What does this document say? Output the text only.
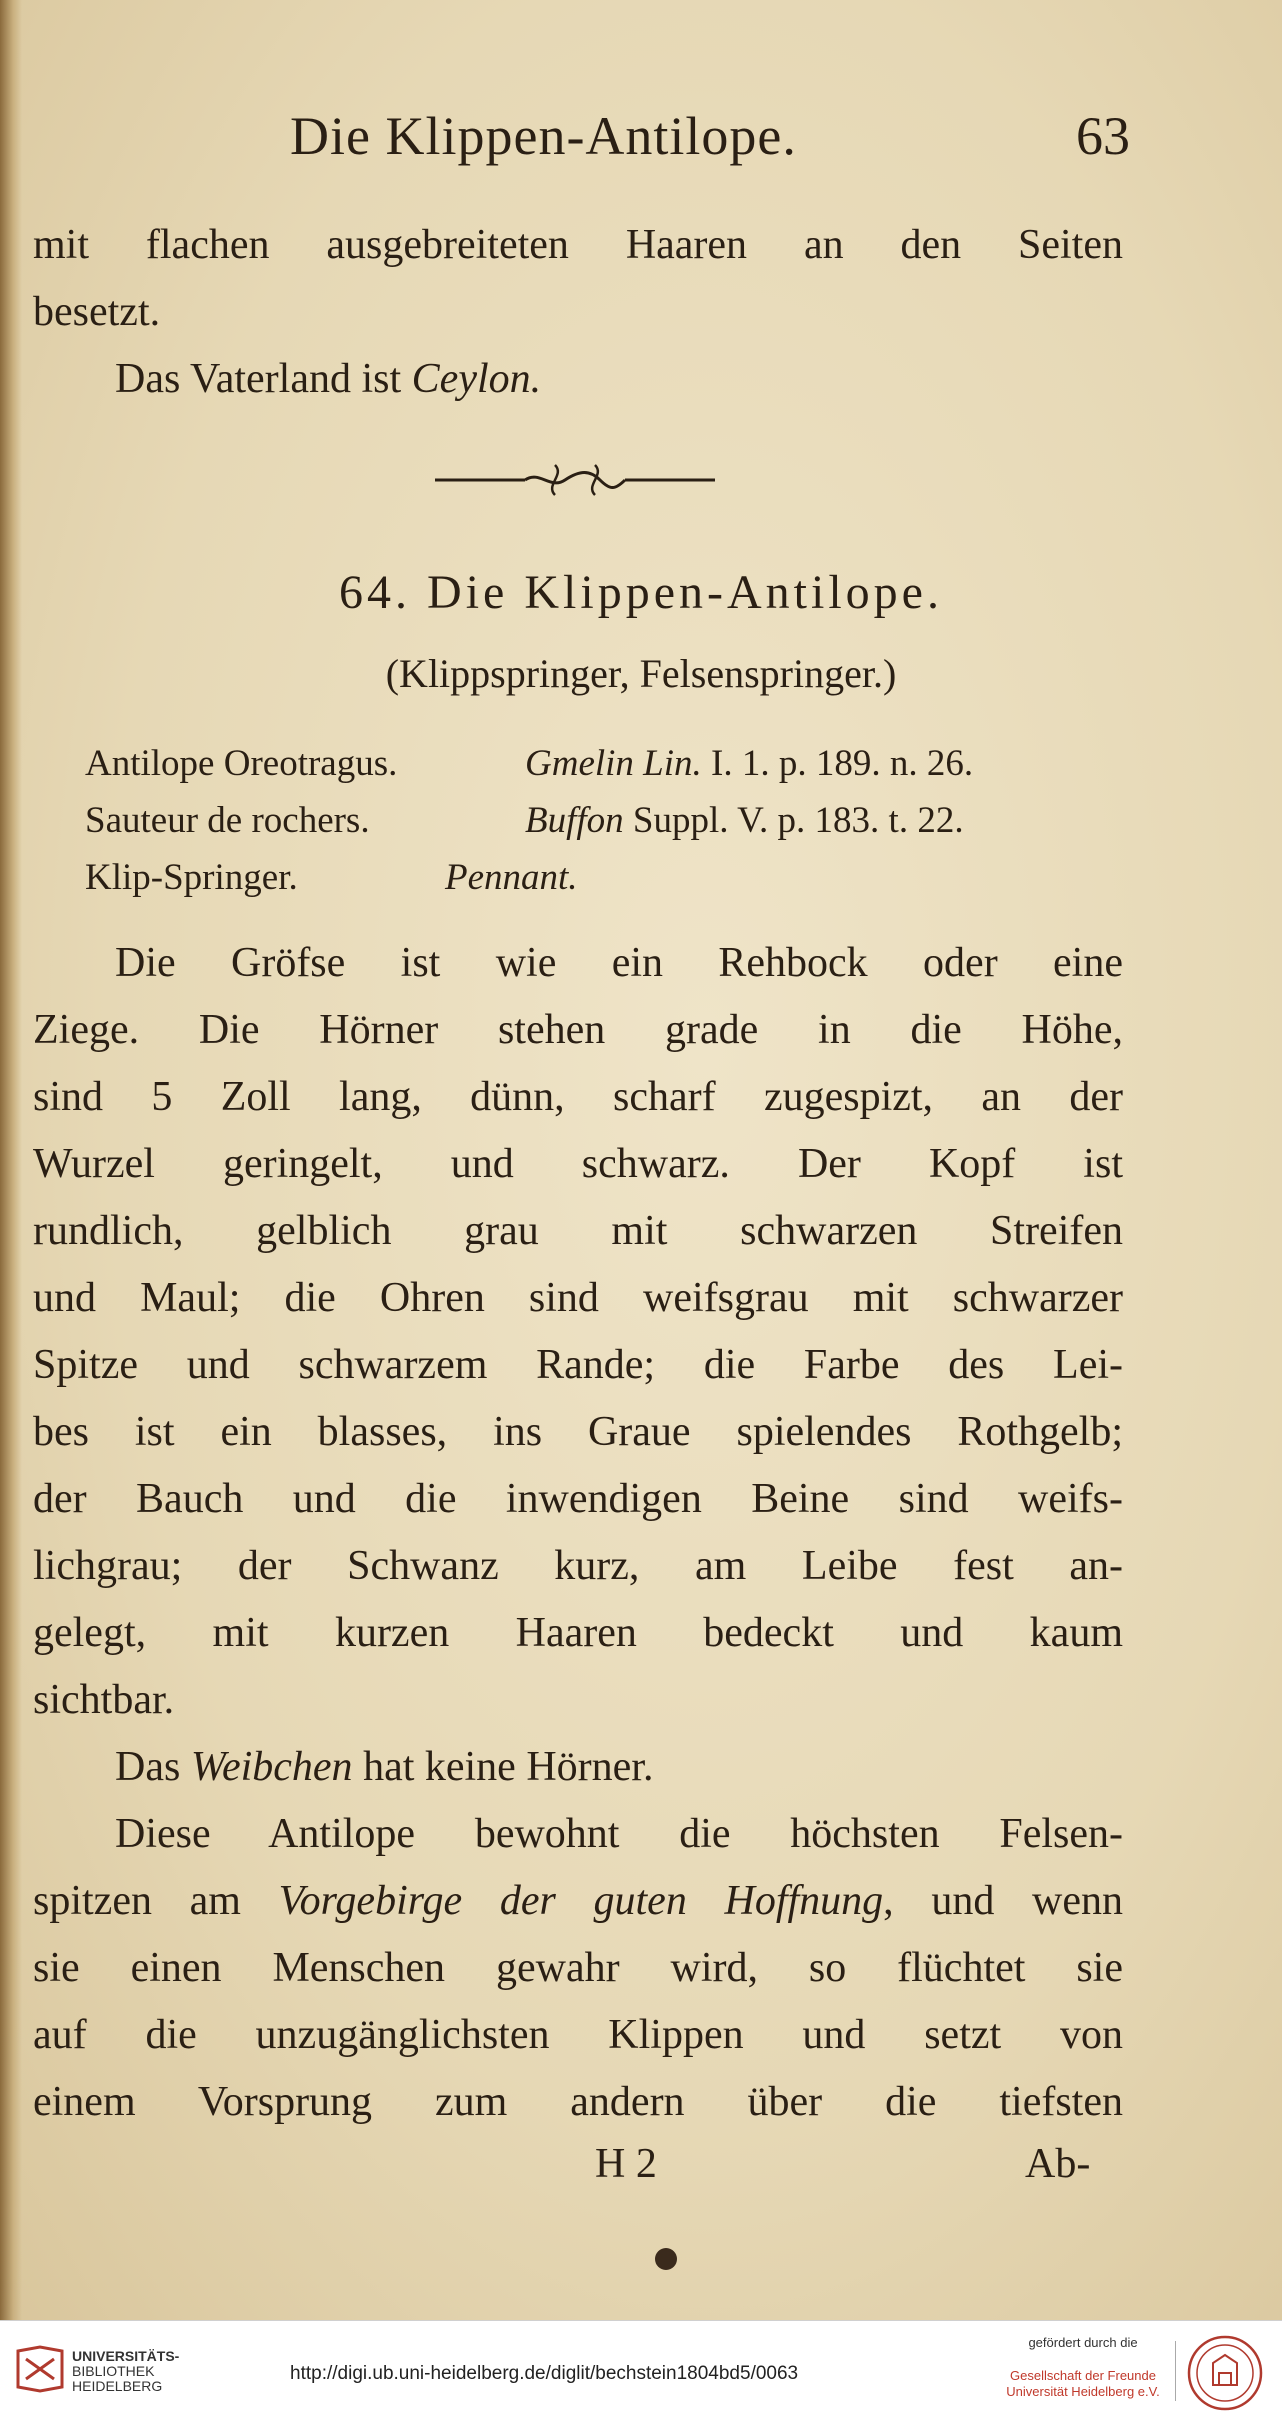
Die Klippen-Antilope.	63
mit flachen ausgebreiteten Haaren an den Seiten
besetzt.
Das Vaterland ist Ceylon.
64. Die Klippen-Antilope.
(Klippspringer, Felsenspringer.)
Antilope Oreotragus.	Gmelin Lin. I. 1. p. 189. n. 26.
Sauteur de rochers.	Buffon Suppl. V. p. 183. t. 22.
Klip-Springer.	Pennant.
Die Gröfse ist wie ein Rehbock oder eine
Ziege. Die Hörner stehen grade in die Höhe,
sind 5 Zoll lang, dünn, scharf zugespizt, an der
Wurzel geringelt, und schwarz. Der Kopf ist
rundlich, gelblich grau mit schwarzen Streifen
und Maul; die Ohren sind weifsgrau mit schwarzer
Spitze und schwarzem Rande; die Farbe des Lei-
bes ist ein blasses, ins Graue spielendes Rothgelb;
der Bauch und die inwendigen Beine sind weifs-
lichgrau; der Schwanz kurz, am Leibe fest an-
gelegt, mit kurzen Haaren bedeckt und kaum
sichtbar.
Das Weibchen hat keine Hörner.
Diese Antilope bewohnt die höchsten Felsen-
spitzen am Vorgebirge der guten Hoffnung, und wenn
sie einen Menschen gewahr wird, so flüchtet sie
auf die unzugänglichsten Klippen und setzt von
einem Vorsprung zum andern über die tiefsten
H 2	Ab-
UNIVERSITÄTS-
BIBLIOTHEK
HEIDELBERG
http://digi.ub.uni-heidelberg.de/diglit/bechstein1804bd5/0063
gefördert durch die
Gesellschaft der Freunde
Universität Heidelberg e.V.
